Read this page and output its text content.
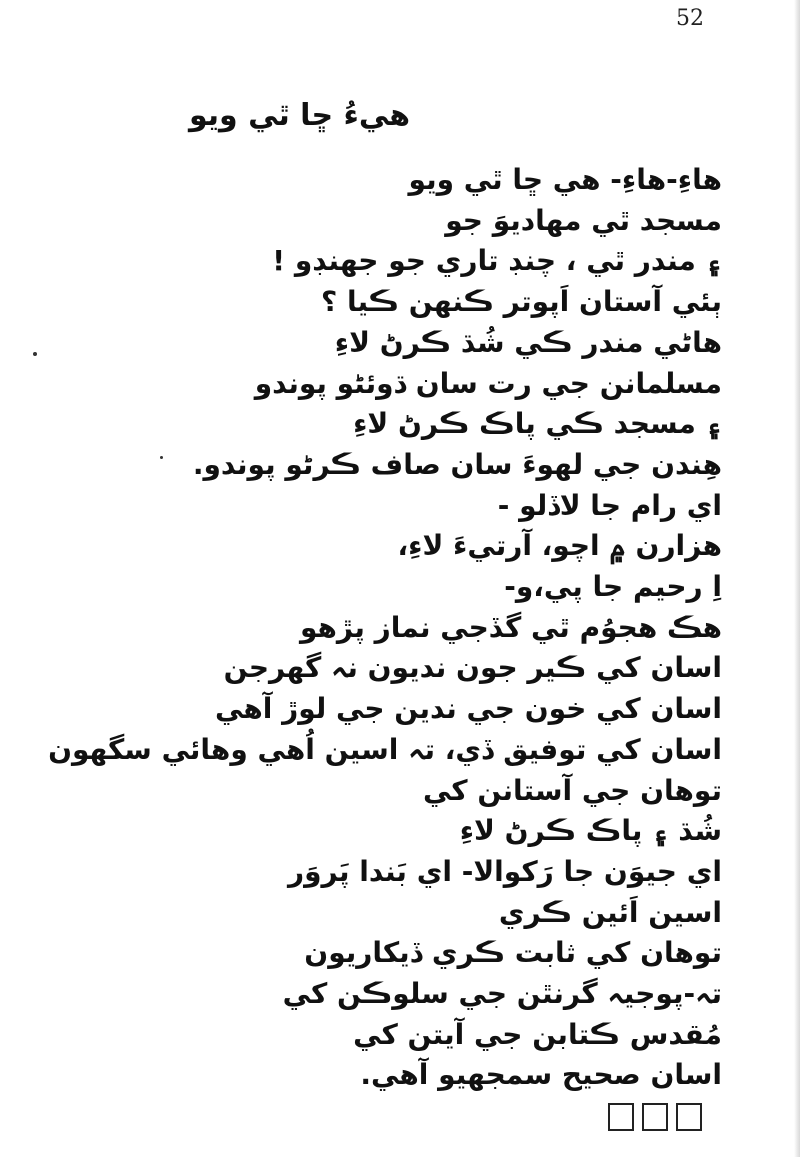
52
هيءُ ڇا ٿي ويو
هاءِ-هاءِ- هي ڇا ٿي ويو
مسجد ٿي مهاديوَ جو
۽ مندر ٿي ، چنڊ تاري جو جهنڊو !
ٻئي آستان اَپوتر ڪنهن ڪيا ؟
هاڻي مندر ڪي شُڌ ڪرڻ لاءِ
مسلمانن جي رت سان ڌوئڻو پوندو
۽ مسجد ڪي پاڪ ڪرڻ لاءِ
هِندن جي لهوءَ سان صاف ڪرڻو پوندو.
اي رام جا لاڏلو -
هزارن ۾ اچو، آرتيءَ لاءِ،
اِ رحيم جا پي،و-
هڪ هجوُم ٿي گڏجي نماز پڙهو
اسان کي ڪير جون نديون نہ گهرجن
اسان کي خون جي ندين جي لوڙ آهي
اسان کي توفيق ڏي، تہ اسين اُهي وهائي سگهون
توهان جي آستانن کي
شُڌ ۽ پاڪ ڪرڻ لاءِ
اي جيوَن جا رَکوالا- اي بَندا پَروَر
اسين اَئين ڪري
توهان کي ثابت ڪري ڏيکاريون
تہ-پوجيہ گرنٿن جي سلوڪن کي
مُقدس ڪتابن جي آيتن کي
اسان صحيح سمجهيو آهي.
